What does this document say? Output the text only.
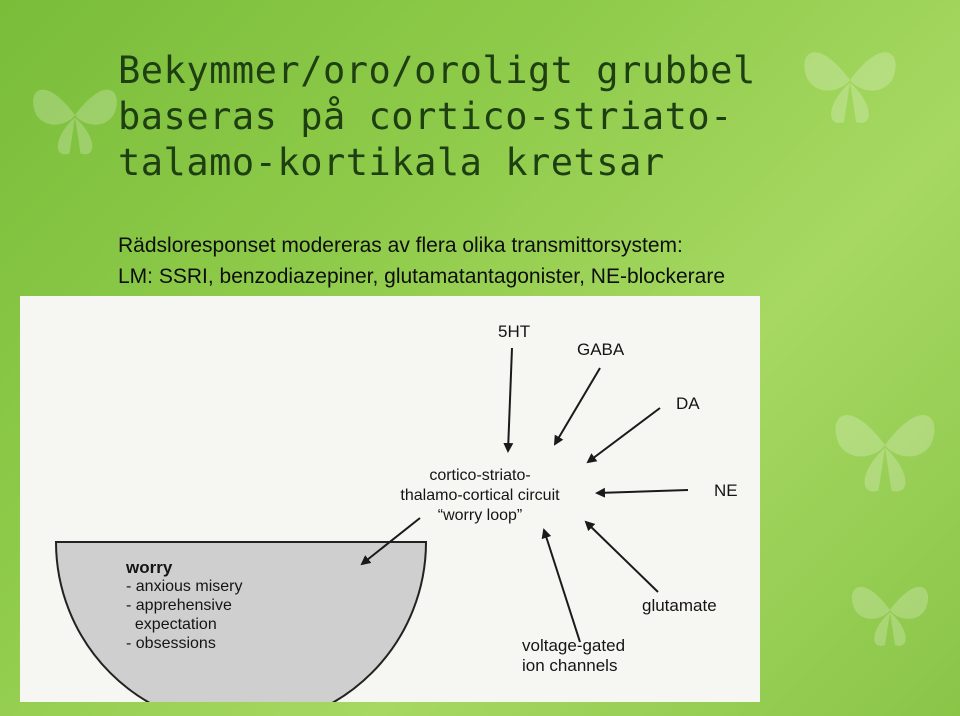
Bekymmer/oro/oroligt grubbel
baseras på cortico-striato-
talamo-kortikala kretsar
Rädsloresponset modereras av flera olika transmittorsystem:
LM: SSRI, benzodiazepiner, glutamatantagonister, NE-blockerare
5HT
GABA
DA
NE
glutamate
voltage-gated
ion channels
cortico-striato-
thalamo-cortical circuit
“worry loop”
worry
- anxious misery
- apprehensive
expectation
- obsessions
